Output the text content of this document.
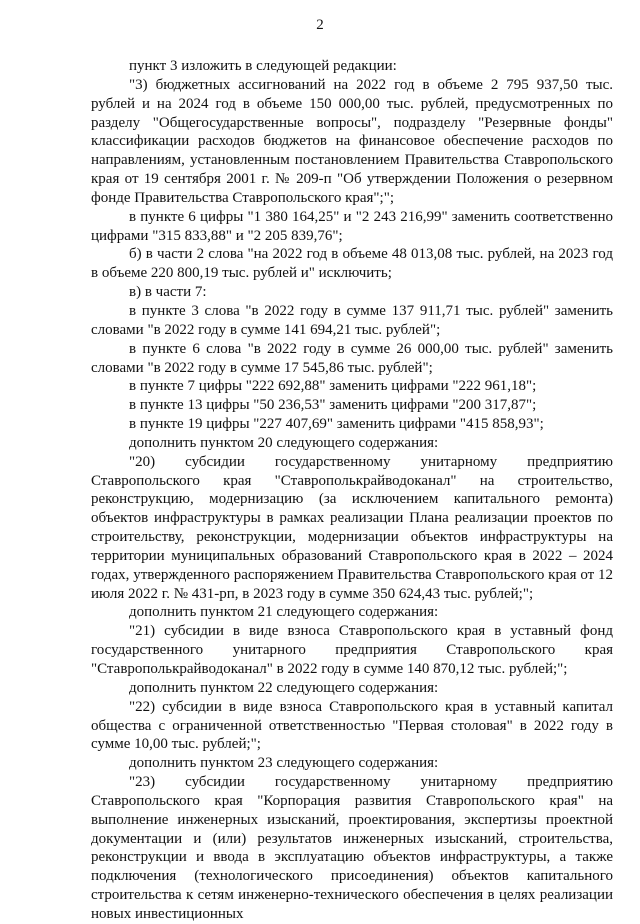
2

пункт 3 изложить в следующей редакции:

"3) бюджетных ассигнований на 2022 год в объеме 2 795 937,50 тыс. рублей и на 2024 год в объеме 150 000,00 тыс. рублей, предусмотренных по разделу "Общегосударственные вопросы", подразделу "Резервные фонды" классификации расходов бюджетов на финансовое обеспечение расходов по направлениям, установленным постановлением Правительства Ставропольского края от 19 сентября 2001 г. № 209-п "Об утверждении Положения о резервном фонде Правительства Ставропольского края";";

в пункте 6 цифры "1 380 164,25" и "2 243 216,99" заменить соответственно цифрами "315 833,88" и "2 205 839,76";

б) в части 2 слова "на 2022 год в объеме 48 013,08 тыс. рублей, на 2023 год в объеме 220 800,19 тыс. рублей и" исключить;

в) в части 7:

в пункте 3 слова "в 2022 году в сумме 137 911,71 тыс. рублей" заменить словами "в 2022 году в сумме 141 694,21 тыс. рублей";

в пункте 6 слова "в 2022 году в сумме 26 000,00 тыс. рублей" заменить словами "в 2022 году в сумме 17 545,86 тыс. рублей";

в пункте 7 цифры "222 692,88" заменить цифрами "222 961,18";

в пункте 13 цифры "50 236,53" заменить цифрами "200 317,87";

в пункте 19 цифры "227 407,69" заменить цифрами "415 858,93";

дополнить пунктом 20 следующего содержания:

"20) субсидии государственному унитарному предприятию Ставропольского края "Ставрополькрайводоканал" на строительство, реконструкцию, модернизацию (за исключением капитального ремонта) объектов инфраструктуры в рамках реализации Плана реализации проектов по строительству, реконструкции, модернизации объектов инфраструктуры на территории муниципальных образований Ставропольского края в 2022 – 2024 годах, утвержденного распоряжением Правительства Ставропольского края от 12 июля 2022 г. № 431-рп, в 2023 году в сумме 350 624,43 тыс. рублей;";

дополнить пунктом 21 следующего содержания:

"21) субсидии в виде взноса Ставропольского края в уставный фонд государственного унитарного предприятия Ставропольского края "Ставрополькрайводоканал" в 2022 году в сумме 140 870,12 тыс. рублей;";

дополнить пунктом 22 следующего содержания:

"22) субсидии в виде взноса Ставропольского края в уставный капитал общества с ограниченной ответственностью "Первая столовая" в 2022 году в сумме 10,00 тыс. рублей;";

дополнить пунктом 23 следующего содержания:

"23) субсидии государственному унитарному предприятию Ставропольского края "Корпорация развития Ставропольского края" на выполнение инженерных изысканий, проектирования, экспертизы проектной документации и (или) результатов инженерных изысканий, строительства, реконструкции и ввода в эксплуатацию объектов инфраструктуры, а также подключения (технологического присоединения) объектов капитального строительства к сетям инженерно-технического обеспечения в целях реализации новых инвестиционных
